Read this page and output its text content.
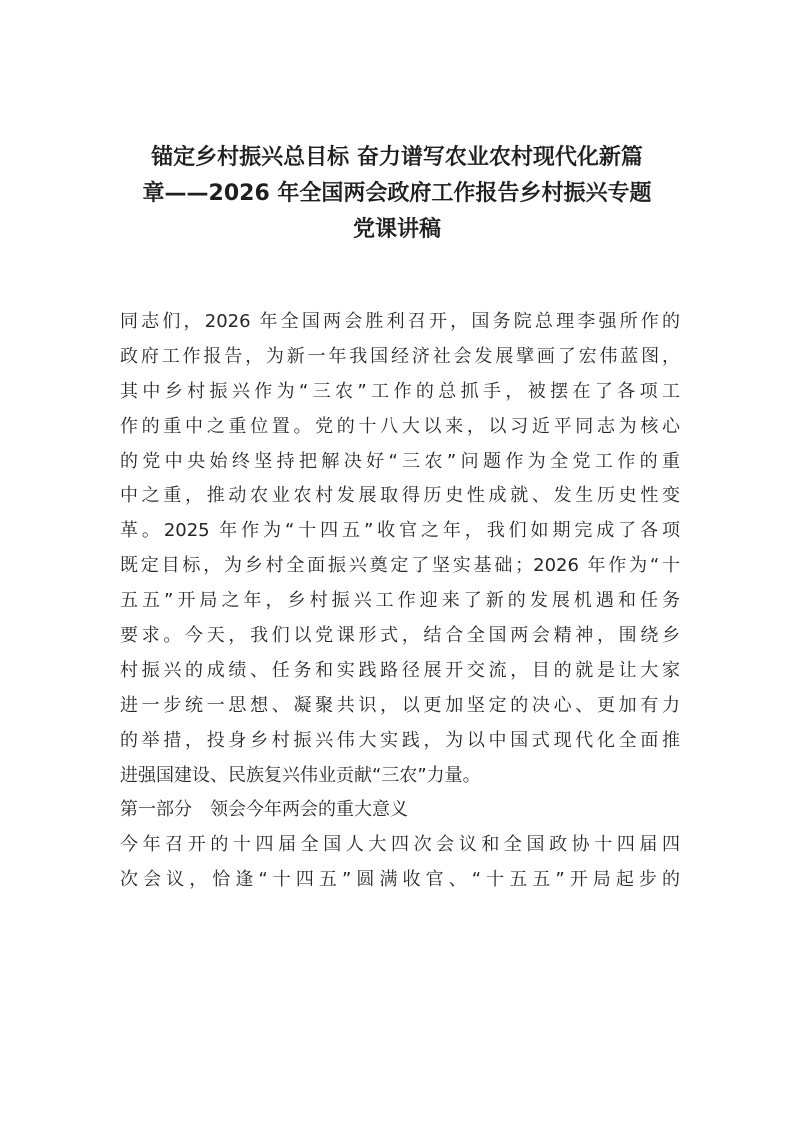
锚定乡村振兴总目标 奋力谱写农业农村现代化新篇
章——2026 年全国两会政府工作报告乡村振兴专题
党课讲稿
同志们，2026 年全国两会胜利召开，国务院总理李强所作的
政府工作报告，为新一年我国经济社会发展擘画了宏伟蓝图，
其中乡村振兴作为“三农”工作的总抓手，被摆在了各项工
作的重中之重位置。党的十八大以来，以习近平同志为核心
的党中央始终坚持把解决好“三农”问题作为全党工作的重
中之重，推动农业农村发展取得历史性成就、发生历史性变
革。2025 年作为“十四五”收官之年，我们如期完成了各项
既定目标，为乡村全面振兴奠定了坚实基础；2026 年作为“十
五五”开局之年，乡村振兴工作迎来了新的发展机遇和任务
要求。今天，我们以党课形式，结合全国两会精神，围绕乡
村振兴的成绩、任务和实践路径展开交流，目的就是让大家
进一步统一思想、凝聚共识，以更加坚定的决心、更加有力
的举措，投身乡村振兴伟大实践，为以中国式现代化全面推
进强国建设、民族复兴伟业贡献“三农”力量。
第一部分　领会今年两会的重大意义
今年召开的十四届全国人大四次会议和全国政协十四届四
次会议，恰逢“十四五”圆满收官、“十五五”开局起步的
